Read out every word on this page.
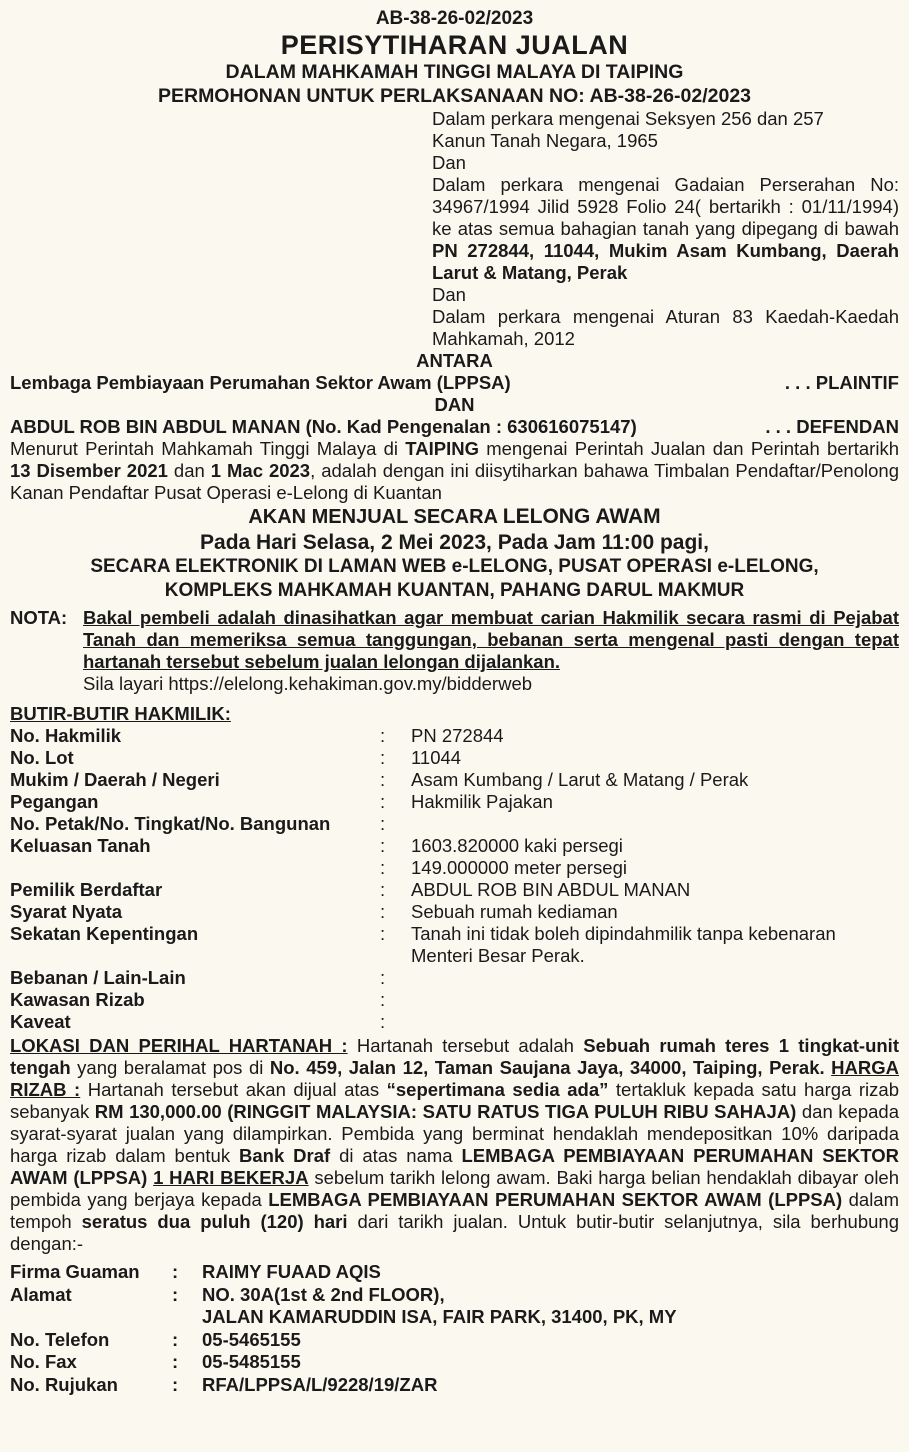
AB-38-26-02/2023
PERISYTIHARAN JUALAN
DALAM MAHKAMAH TINGGI MALAYA DI TAIPING
PERMOHONAN UNTUK PERLAKSANAAN NO: AB-38-26-02/2023
Dalam perkara mengenai Seksyen 256 dan 257
Kanun Tanah Negara, 1965
Dan
Dalam perkara mengenai Gadaian Perserahan No: 34967/1994 Jilid 5928 Folio 24( bertarikh : 01/11/1994) ke atas semua bahagian tanah yang dipegang di bawah PN 272844, 11044, Mukim Asam Kumbang, Daerah Larut & Matang, Perak
Dan
Dalam perkara mengenai Aturan 83 Kaedah-Kaedah Mahkamah, 2012
ANTARA
Lembaga Pembiayaan Perumahan Sektor Awam (LPPSA)	. . . PLAINTIF
DAN
ABDUL ROB BIN ABDUL MANAN (No. Kad Pengenalan : 630616075147)	. . . DEFENDAN
Menurut Perintah Mahkamah Tinggi Malaya di TAIPING mengenai Perintah Jualan dan Perintah bertarikh 13 Disember 2021 dan 1 Mac 2023, adalah dengan ini diisytiharkan bahawa Timbalan Pendaftar/Penolong Kanan Pendaftar Pusat Operasi e-Lelong di Kuantan
AKAN MENJUAL SECARA LELONG AWAM
Pada Hari Selasa, 2 Mei 2023, Pada Jam 11:00 pagi,
SECARA ELEKTRONIK DI LAMAN WEB e-LELONG, PUSAT OPERASI e-LELONG,
KOMPLEKS MAHKAMAH KUANTAN, PAHANG DARUL MAKMUR
NOTA: Bakal pembeli adalah dinasihatkan agar membuat carian Hakmilik secara rasmi di Pejabat Tanah dan memeriksa semua tanggungan, bebanan serta mengenal pasti dengan tepat hartanah tersebut sebelum jualan lelongan dijalankan.
Sila layari https://elelong.kehakiman.gov.my/bidderweb
BUTIR-BUTIR HAKMILIK:
No. Hakmilik	:	PN 272844
No. Lot	:	11044
Mukim / Daerah / Negeri	:	Asam Kumbang / Larut & Matang / Perak
Pegangan	:	Hakmilik Pajakan
No. Petak/No. Tingkat/No. Bangunan	:
Keluasan Tanah	:	1603.820000 kaki persegi
:	149.000000 meter persegi
Pemilik Berdaftar	:	ABDUL ROB BIN ABDUL MANAN
Syarat Nyata	:	Sebuah rumah kediaman
Sekatan Kepentingan	:	Tanah ini tidak boleh dipindahmilik tanpa kebenaran Menteri Besar Perak.
Bebanan / Lain-Lain	:
Kawasan Rizab	:
Kaveat	:
LOKASI DAN PERIHAL HARTANAH : Hartanah tersebut adalah Sebuah rumah teres 1 tingkat-unit tengah yang beralamat pos di No. 459, Jalan 12, Taman Saujana Jaya, 34000, Taiping, Perak. HARGA RIZAB : Hartanah tersebut akan dijual atas “sepertimana sedia ada” tertakluk kepada satu harga rizab sebanyak RM 130,000.00 (RINGGIT MALAYSIA: SATU RATUS TIGA PULUH RIBU SAHAJA) dan kepada syarat-syarat jualan yang dilampirkan. Pembida yang berminat hendaklah mendepositkan 10% daripada harga rizab dalam bentuk Bank Draf di atas nama LEMBAGA PEMBIAYAAN PERUMAHAN SEKTOR AWAM (LPPSA) 1 HARI BEKERJA sebelum tarikh lelong awam. Baki harga belian hendaklah dibayar oleh pembida yang berjaya kepada LEMBAGA PEMBIAYAAN PERUMAHAN SEKTOR AWAM (LPPSA) dalam tempoh seratus dua puluh (120) hari dari tarikh jualan. Untuk butir-butir selanjutnya, sila berhubung dengan:-
Firma Guaman	:	RAIMY FUAAD AQIS
Alamat	:	NO. 30A(1st & 2nd FLOOR),
JALAN KAMARUDDIN ISA, FAIR PARK, 31400, PK, MY
No. Telefon	:	05-5465155
No. Fax	:	05-5485155
No. Rujukan	:	RFA/LPPSA/L/9228/19/ZAR
